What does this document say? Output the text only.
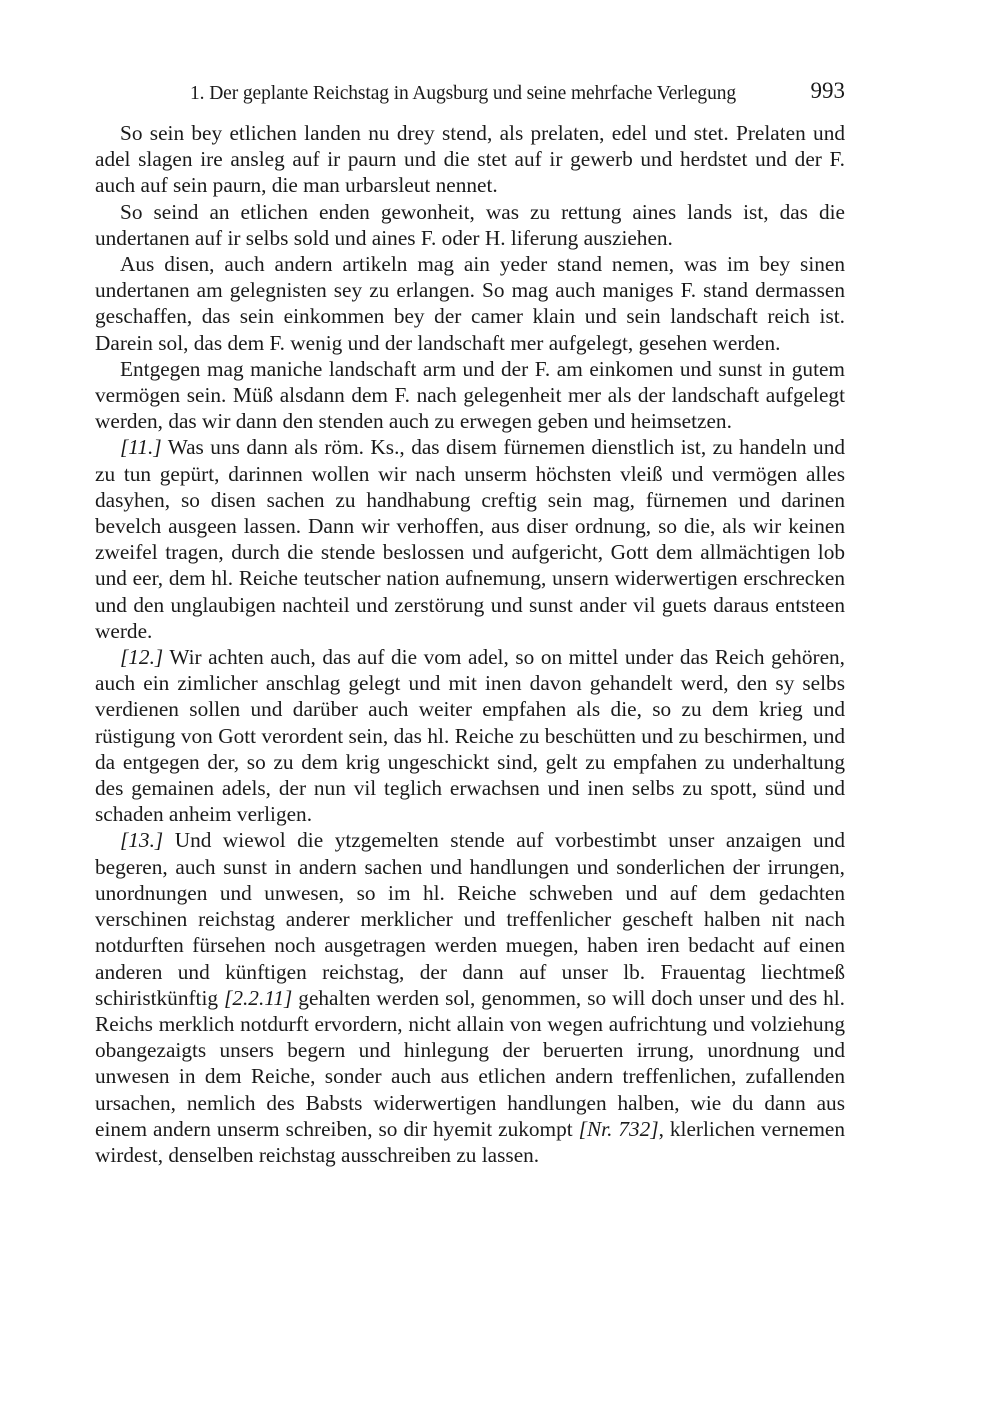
1. Der geplante Reichstag in Augsburg und seine mehrfache Verlegung	993

So sein bey etlichen landen nu drey stend, als prelaten, edel und stet. Prelaten und adel slagen ire ansleg auf ir paurn und die stet auf ir gewerb und herdstet und der F. auch auf sein paurn, die man urbarsleut nennet.

So seind an etlichen enden gewonheit, was zu rettung aines lands ist, das die undertanen auf ir selbs sold und aines F. oder H. liferung ausziehen.

Aus disen, auch andern artikeln mag ain yeder stand nemen, was im bey sinen undertanen am gelegnisten sey zu erlangen. So mag auch maniges F. stand dermassen geschaffen, das sein einkommen bey der camer klain und sein landschaft reich ist. Darein sol, das dem F. wenig und der landschaft mer aufgelegt, gesehen werden.

Entgegen mag maniche landschaft arm und der F. am einkomen und sunst in gutem vermögen sein. Müß alsdann dem F. nach gelegenheit mer als der landschaft aufgelegt werden, das wir dann den stenden auch zu erwegen geben und heimsetzen.

[11.] Was uns dann als röm. Ks., das disem fürnemen dienstlich ist, zu handeln und zu tun gepürt, darinnen wollen wir nach unserm höchsten vleiß und vermögen alles dasyhen, so disen sachen zu handhabung creftig sein mag, fürnemen und darinen bevelch ausgeen lassen. Dann wir verhoffen, aus diser ordnung, so die, als wir keinen zweifel tragen, durch die stende beslossen und aufgericht, Gott dem allmächtigen lob und eer, dem hl. Reiche teutscher nation aufnemung, unsern widerwertigen erschrecken und den unglaubigen nachteil und zerstörung und sunst ander vil guets daraus entsteen werde.

[12.] Wir achten auch, das auf die vom adel, so on mittel under das Reich gehören, auch ein zimlicher anschlag gelegt und mit inen davon gehandelt werd, den sy selbs verdienen sollen und darüber auch weiter empfahen als die, so zu dem krieg und rüstigung von Gott verordent sein, das hl. Reiche zu beschütten und zu beschirmen, und da entgegen der, so zu dem krig ungeschickt sind, gelt zu empfahen zu underhaltung des gemainen adels, der nun vil teglich erwachsen und inen selbs zu spott, sünd und schaden anheim verligen.

[13.] Und wiewol die ytzgemelten stende auf vorbestimbt unser anzaigen und begeren, auch sunst in andern sachen und handlungen und sonderlichen der irrungen, unordnungen und unwesen, so im hl. Reiche schweben und auf dem gedachten verschinen reichstag anderer merklicher und treffenlicher gescheft halben nit nach notdurften fürsehen noch ausgetragen werden muegen, haben iren bedacht auf einen anderen und künftigen reichstag, der dann auf unser lb. Frauentag liechtmeß schiristkünftig [2.2.11] gehalten werden sol, genommen, so will doch unser und des hl. Reichs merklich notdurft ervordern, nicht allain von wegen aufrichtung und volziehung obangezaigts unsers begern und hinlegung der beruerten irrung, unordnung und unwesen in dem Reiche, sonder auch aus etlichen andern treffenlichen, zufallenden ursachen, nemlich des Babsts widerwertigen handlungen halben, wie du dann aus einem andern unserm schreiben, so dir hyemit zukompt [Nr. 732], klerlichen vernemen wirdest, denselben reichstag ausschreiben zu lassen.
